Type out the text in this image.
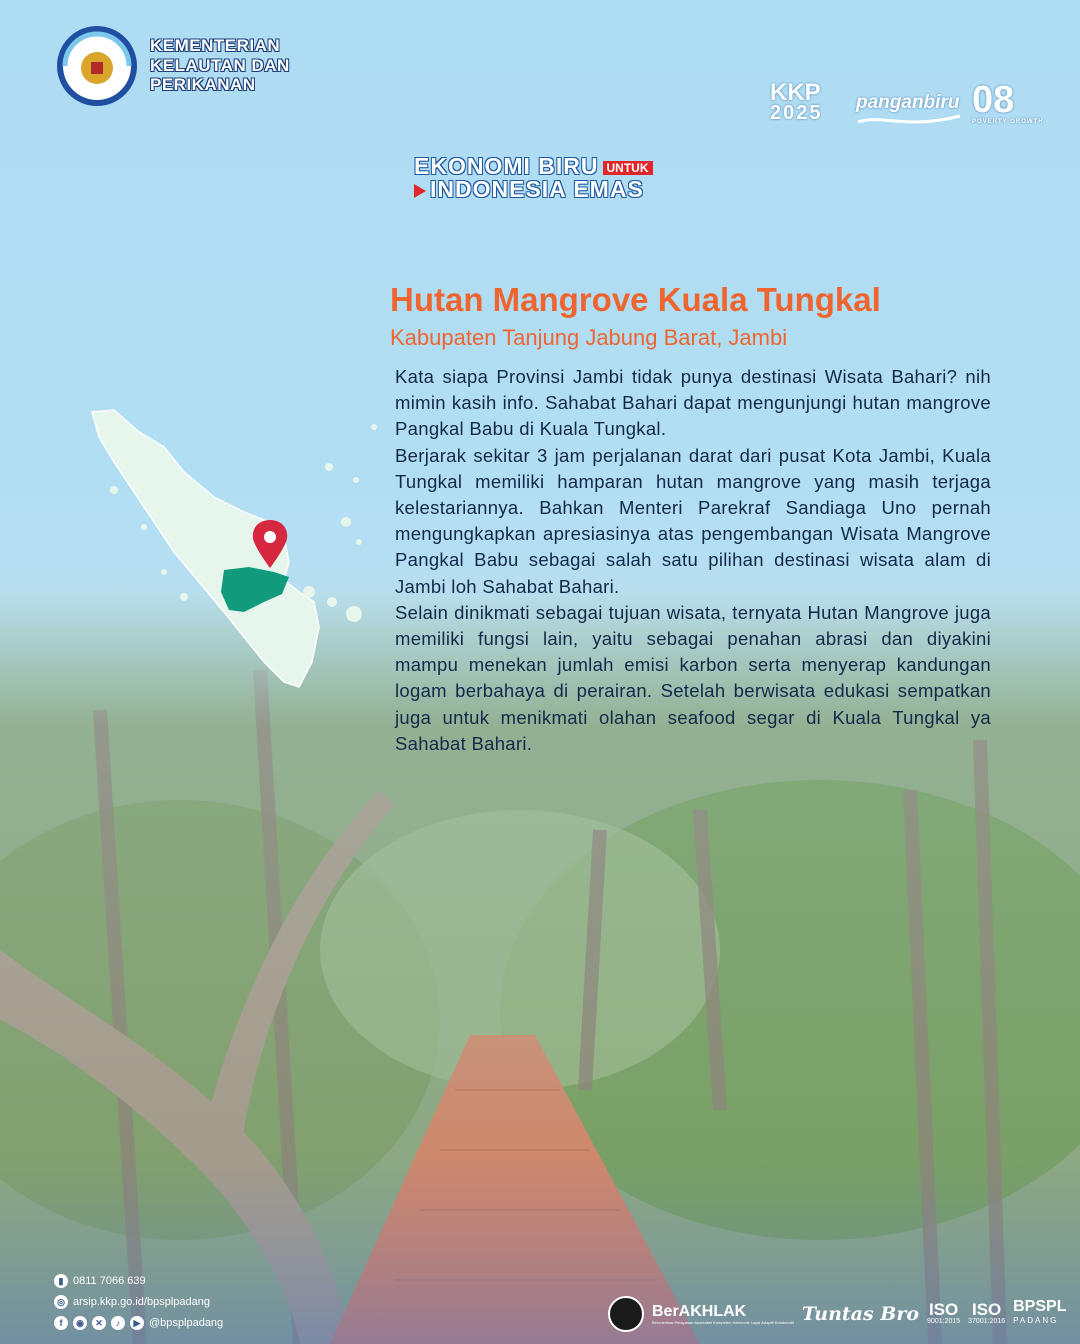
KEMENTERIAN
KELAUTAN DAN
PERIKANAN	KKP
2025	panganbiru 08
POVERTY GROWTH
EKONOMI BIRU UNTUK
INDONESIA EMAS
Hutan Mangrove Kuala Tungkal
Kabupaten Tanjung Jabung Barat, Jambi

Kata siapa Provinsi Jambi tidak punya destinasi Wisata Bahari? nih mimin kasih info. Sahabat Bahari dapat mengunjungi hutan mangrove Pangkal Babu di Kuala Tungkal.

Berjarak sekitar 3 jam perjalanan darat dari pusat Kota Jambi, Kuala Tungkal memiliki hamparan hutan mangrove yang masih terjaga kelestariannya. Bahkan Menteri Parekraf Sandiaga Uno pernah mengungkapkan apresiasinya atas pengembangan Wisata Mangrove Pangkal Babu sebagai salah satu pilihan destinasi wisata alam di Jambi loh Sahabat Bahari.

Selain dinikmati sebagai tujuan wisata, ternyata Hutan Mangrove juga memiliki fungsi lain, yaitu sebagai penahan abrasi dan diyakini mampu menekan jumlah emisi karbon serta menyerap kandungan logam berbahaya di perairan. Setelah berwisata edukasi sempatkan juga untuk menikmati olahan seafood segar di Kuala Tungkal ya Sahabat Bahari.

▮ 0811 7066 639
◎ arsip.kkp.go.id/bpsplpadang
f	◉	✕	♪	▶ @bpsplpadang
BerAKHLAK
Berorientasi Pelayanan Akuntabel Kompeten Harmonis Loyal Adaptif Kolaboratif Tuntas Bro ISO
9001:2015
ISO
37001:2016
BPSPL
PADANG
